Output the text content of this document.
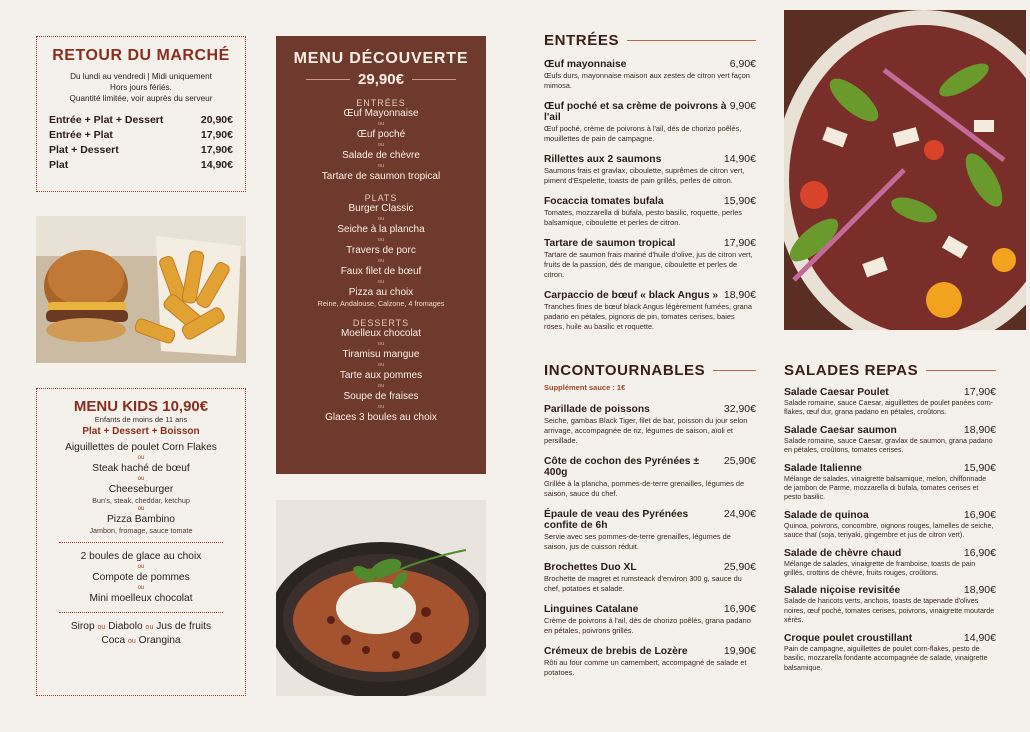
RETOUR DU MARCHÉ
Du lundi au vendredi | Midi uniquement
Hors jours fériés.
Quantité limitée, voir auprès du serveur
Entrée + Plat + Dessert	20,90€
Entrée + Plat	17,90€
Plat + Dessert	17,90€
Plat	14,90€
MENU KIDS 10,90€
Enfants de moins de 11 ans
Plat + Dessert + Boisson
Aiguillettes de poulet Corn Flakes
ou
Steak haché de bœuf
ou
Cheeseburger
Bun's, steak, cheddar, ketchup
ou
Pizza Bambino
Jambon, fromage, sauce tomate
2 boules de glace au choix
ou
Compote de pommes
ou
Mini moelleux chocolat
Sirop ou Diabolo ou Jus de fruits
Coca ou Orangina
MENU DÉCOUVERTE
29,90€
ENTRÉES
Œuf Mayonnaise
ou
Œuf poché
ou
Salade de chèvre
ou
Tartare de saumon tropical
PLATS
Burger Classic
ou
Seiche à la plancha
ou
Travers de porc
ou
Faux filet de bœuf
ou
Pizza au choix
Reine, Andalouse, Calzone, 4 fromages
DESSERTS
Moelleux chocolat
ou
Tiramisu mangue
ou
Tarte aux pommes
ou
Soupe de fraises
ou
Glaces 3 boules au choix
ENTRÉES
Œuf mayonnaise	6,90€
Œufs durs, mayonnaise maison aux zestes de citron vert façon mimosa.
Œuf poché et sa crème de poivrons à l'ail
9,90€
Œuf poché, crème de poivrons à l'ail, dés de chorizo poêlés, mouillettes de pain de campagne.
Rillettes aux 2 saumons	14,90€
Saumons frais et gravlax, ciboulette, suprêmes de citron vert, piment d'Espelette, toasts de pain grillés, perles de citron.
Focaccia tomates bufala	15,90€
Tomates, mozzarella di bufala, pesto basilic, roquette, perles balsamique, ciboulette et perles de citron.
Tartare de saumon tropical	17,90€
Tartare de saumon frais mariné d'huile d'olive, jus de citron vert, fruits de la passion, dés de mangue, ciboulette et perles de citron.
Carpaccio de bœuf « black Angus » 18,90€
Tranches fines de bœuf black Angus légèrement fumées, grana padano en pétales, pignons de pin, tomates cerises, baies roses, huile au basilic et roquette.
INCONTOURNABLES
Supplément sauce : 1€
Parillade de poissons	32,90€
Seiche, gambas Black Tiger, filet de bar, poisson du jour selon arrivage, accompagnée de riz, légumes de saison, aïoli et persillade.
Côte de cochon des Pyrénées ± 400g
25,90€
Grillée à la plancha, pommes-de-terre grenailles, légumes de saison, sauce du chef.
Épaule de veau des Pyrénées confite de 6h
24,90€
Servie avec ses pommes-de-terre grenailles, légumes de saison, jus de cuisson réduit.
Brochettes Duo XL	25,90€
Brochette de magret et rumsteack d'environ 300 g, sauce du chef, potatoes et salade.
Linguines Catalane	16,90€
Crème de poivrons à l'ail, dés de chorizo poêlés, grana padano en pétales, poivrons grillés.
Crémeux de brebis de Lozère	19,90€
Rôti au four comme un camembert, accompagné de salade et potatoes.
SALADES REPAS
Salade Caesar Poulet	17,90€
Salade romaine, sauce Caesar, aiguillettes de poulet panées corn-flakes, œuf dur, grana padano en pétales, croûtons.
Salade Caesar saumon	18,90€
Salade romaine, sauce Caesar, gravlax de saumon, grana padano en pétales, croûtons, tomates cerises.
Salade Italienne	15,90€
Mélange de salades, vinaigrette balsamique, melon, chiffonnade de jambon de Parme, mozzarella di bufala, tomates cerises et pesto basilic.
Salade de quinoa	16,90€
Quinoa, poivrons, concombre, oignons rouges, lamelles de seiche, sauce thaï (soja, teriyaki, gingembre et jus de citron vert).
Salade de chèvre chaud	16,90€
Mélange de salades, vinaigrette de framboise, toasts de pain grillés, crottins de chèvre, fruits rouges, croûtons.
Salade niçoise revisitée	18,90€
Salade de haricots verts, anchois, toasts de tapenade d'olives noires, œuf poché, tomates cerises, poivrons, vinaigrette moutarde xérès.
Croque poulet croustillant	14,90€
Pain de campagne, aiguillettes de poulet corn-flakes, pesto de basilic, mozzarella fondante accompagnée de salade, vinaigrette balsamique.
